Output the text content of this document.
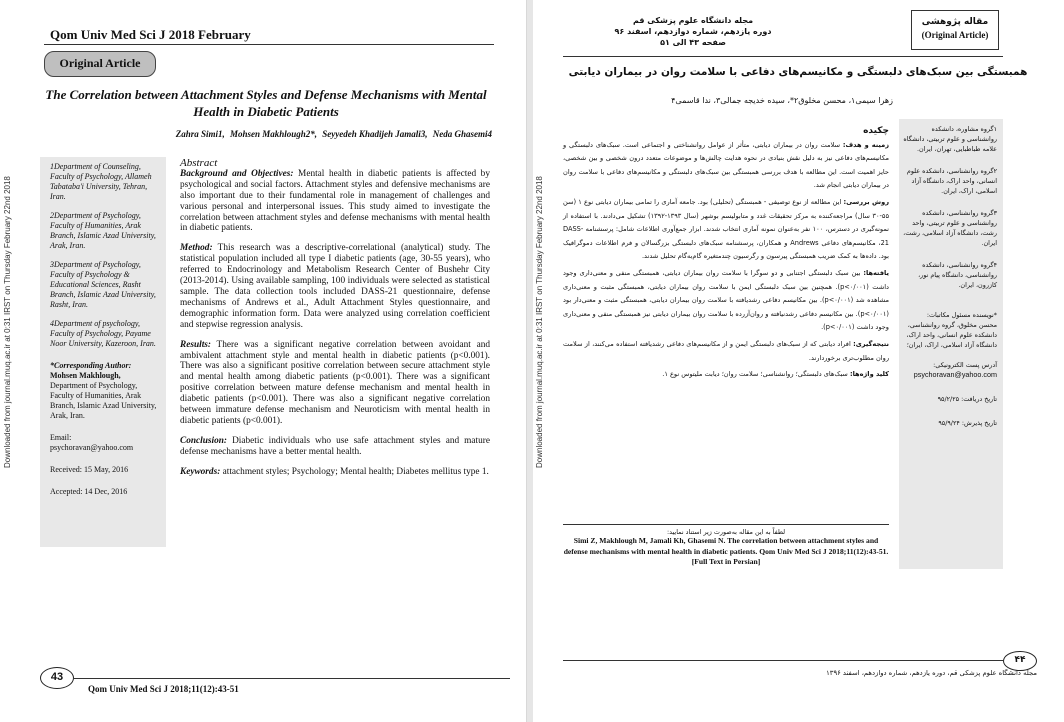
Downloaded from journal.muq.ac.ir at 0:31 IRST on Thursday February 22nd 2018
Qom Univ Med Sci J 2018 February
Original Article
The Correlation between Attachment Styles and Defense Mechanisms with Mental Health in Diabetic Patients
Zahra Simi1, Mohsen Makhlough2*, Seyyedeh Khadijeh Jamali3, Neda Ghasemi4
1Department of Counseling, Faculty of Psychology, Allameh Tabataba'i University, Tehran, Iran.
2Department of Psychology, Faculty of Humanities, Arak Branch, Islamic Azad University, Arak, Iran.
3Department of Psychology, Faculty of Psychology & Educational Sciences, Rasht Branch, Islamic Azad University, Rasht, Iran.
4Department of psychology, Faculty of Psychology, Payame Noor University, Kazeroon, Iran.
*Corresponding Author:
Mohsen Makhlough,
Department of Psychology, Faculty of Humanities, Arak Branch, Islamic Azad University, Arak, Iran.
Email:
psychoravan@yahoo.com
Received: 15 May, 2016
Accepted: 14 Dec, 2016
Abstract

Background and Objectives: Mental health in diabetic patients is affected by psychological and social factors. Attachment styles and defensive mechanisms are also important due to their fundamental role in management of challenges and various personal and interpersonal issues. This study aimed to investigate the correlation between attachment styles and defense mechanisms with mental health in diabetic patients.

Method: This research was a descriptive-correlational (analytical) study. The statistical population included all type I diabetic patients (age, 30-55 years), who referred to Endocrinology and Metabolism Research Center of Bushehr City (2013-2014). Using available sampling, 100 individuals were selected as statistical sample. The data collection tools included DASS-21 questionnaire, defense mechanisms of Andrews et al., Adult Attachment Styles questionnaire, and demographic information form. Data were analyzed using correlation coefficient and stepwise regression analysis.

Results: There was a significant negative correlation between avoidant and ambivalent attachment style and mental health in diabetic patients (p<0.001). There was also a significant positive correlation between secure attachment style and mental health among diabetic patients (p<0.001). There was a significant positive correlation between mature defense mechanism and mental health in diabetic patients (p<0.001). There was also a significant negative correlation between immature defense mechanism and Neuroticism with mental health in diabetic patients (p<0.001).

Conclusion: Diabetic individuals who use safe attachment styles and mature defense mechanisms have a better mental health.

Keywords: attachment styles; Psychology; Mental health; Diabetes mellitus type 1.

43
Qom Univ Med Sci J 2018;11(12):43-51
Downloaded from journal.muq.ac.ir at 0:31 IRST on Thursday February 22nd 2018
مجله دانشگاه علوم پزشکی قم
دوره یازدهم، شماره دوازدهم، اسفند ۹۶
صفحه ۴۳ الی ۵۱
مقاله پژوهشی
(Original Article)
همبستگی بین سبک‌های دلبستگی و مکانیسم‌های دفاعی با سلامت روان در بیماران دیابتی
زهرا سیمی۱، محسن مخلوق۲*، سیده خدیجه جمالی۳، ندا قاسمی۴
۱گروه مشاوره، دانشکده روانشناسی و علوم تربیتی، دانشگاه علامه طباطبایی، تهران، ایران.
۲گروه روانشناسی، دانشکده علوم انسانی، واحد اراک، دانشگاه آزاد اسلامی، اراک، ایران.
۳گروه روانشناسی، دانشکده روانشناسی و علوم تربیتی، واحد رشت، دانشگاه آزاد اسلامی، رشت، ایران.
۴گروه روانشناسی، دانشکده روانشناسی، دانشگاه پیام نور، کازرون، ایران.
*نویسنده مسئول مکاتبات:
محسن مخلوق، گروه روانشناسی، دانشکده علوم انسانی، واحد اراک، دانشگاه آزاد اسلامی، اراک، ایران؛
آدرس پست الکترونیکی:
psychoravan@yahoo.com
تاریخ دریافت: ۹۵/۲/۲۵
تاریخ پذیرش: ۹۵/۹/۲۴
چکیده

زمینه و هدف: سلامت روان در بیماران دیابتی، متأثر از عوامل روانشناختی و اجتماعی است. سبک‌های دلبستگی و مکانیسم‌های دفاعی نیز به دلیل نقش بنیادی در نحوه هدایت چالش‌ها و موضوعات متعدد درون شخصی و بین شخصی، حایز اهمیت است. این مطالعه با هدف بررسی همبستگی بین سبک‌های دلبستگی و مکانیسم‌های دفاعی با سلامت روان در بیماران دیابتی انجام شد.

روش بررسی: این مطالعه از نوع توصیفی - همبستگی (تحلیلی) بود. جامعه آماری را تمامی بیماران دیابتی نوع ۱ (سن ۵۵-۳۰ سال) مراجعه‌کننده به مرکز تحقیقات غدد و متابولیسم بوشهر (سال ۱۳۹۳-۱۳۹۲) تشکیل می‌دادند. با استفاده از نمونه‌گیری در دسترس، ۱۰۰ نفر به‌عنوان نمونه آماری انتخاب شدند. ابزار جمع‌آوری اطلاعات شامل: پرسشنامه DASS-21، مکانیسم‌های دفاعی Andrews و همکاران، پرسشنامه سبک‌های دلبستگی بزرگسالان و فرم اطلاعات دموگرافیک بود. داده‌ها به کمک ضریب همبستگی پیرسون و رگرسیون چندمتغیره گام‌به‌گام تحلیل شدند.

یافته‌ها: بین سبک دلبستگی اجتنابی و دو سوگرا با سلامت روان بیماران دیابتی، همبستگی منفی و معنی‌داری وجود داشت (p<۰/۰۰۱). همچنین بین سبک دلبستگی ایمن با سلامت روان بیماران دیابتی، همبستگی مثبت و معنی‌داری مشاهده شد (p<۰/۰۰۱). بین مکانیسم دفاعی رشدیافته با سلامت روان بیماران دیابتی، همبستگی مثبت و معنی‌دار بود (p<۰/۰۰۱). بین مکانیسم دفاعی رشدنیافته و روان‌آزرده با سلامت روان بیماران دیابتی نیز همبستگی منفی و معنی‌داری وجود داشت (p<۰/۰۰۱).

نتیجه‌گیری: افراد دیابتی که از سبک‌های دلبستگی ایمن و از مکانیسم‌های دفاعی رشدیافته استفاده می‌کنند، از سلامت روان مطلوب‌تری برخوردارند.

کلید واژه‌ها: سبک‌های دلبستگی؛ روانشناسی؛ سلامت روان؛ دیابت ملیتوس نوع ۱.

لطفاً به این مقاله به‌صورت زیر استناد نمایید:
Simi Z, Makhlough M, Jamali Kh, Ghasemi N. The correlation between attachment styles and defense mechanisms with mental health in diabetic patients. Qom Univ Med Sci J 2018;11(12):43-51. [Full Text in Persian]
۴۴
مجله دانشگاه علوم پزشکی قم، دوره یازدهم، شماره دوازدهم، اسفند ۱۳۹۶
